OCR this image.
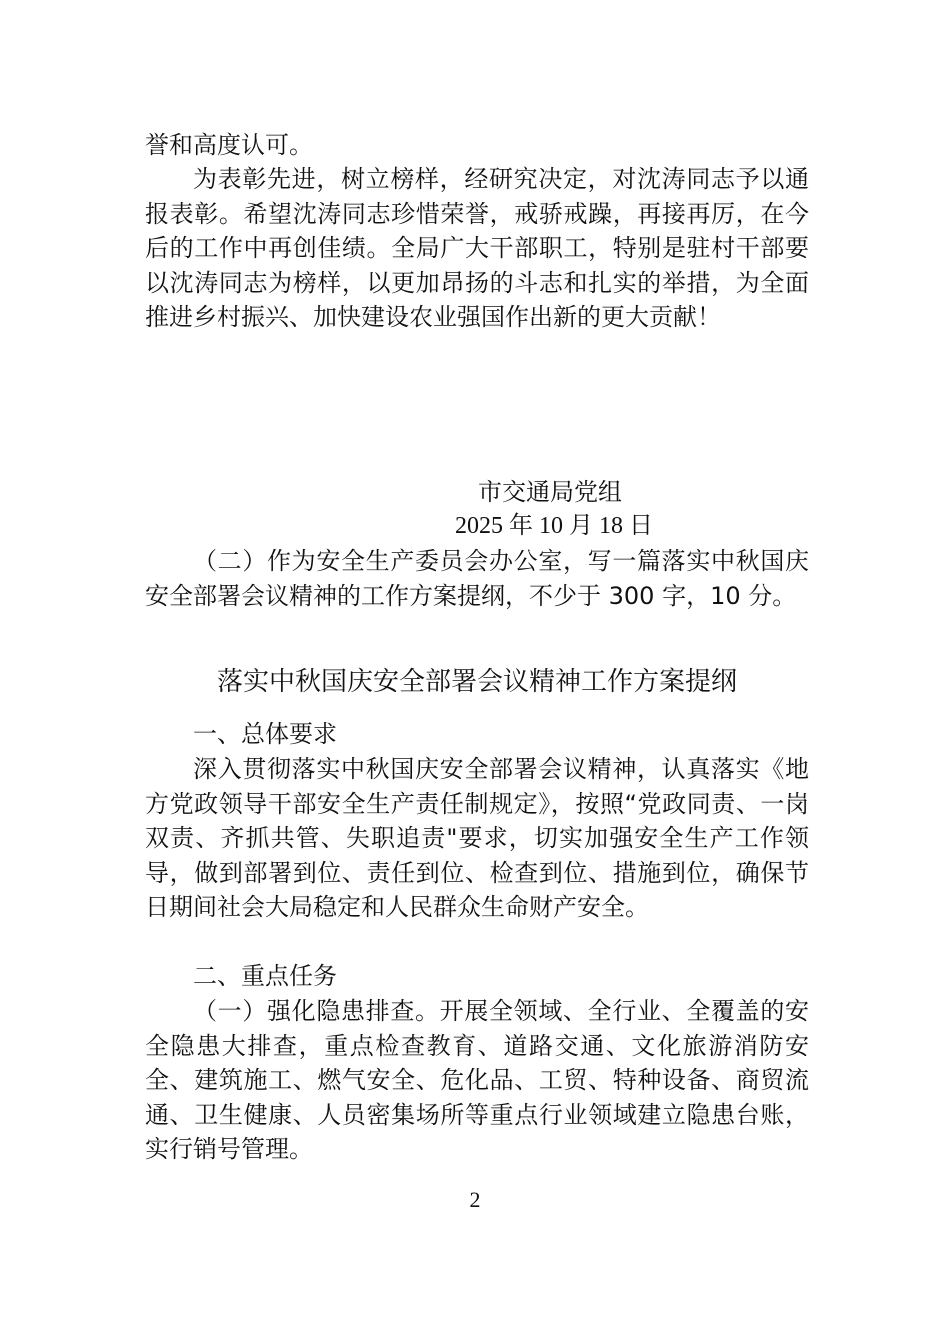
誉和高度认可。

为表彰先进，树立榜样，经研究决定，对沈涛同志予以通报表彰。希望沈涛同志珍惜荣誉，戒骄戒躁，再接再厉，在今后的工作中再创佳绩。全局广大干部职工，特别是驻村干部要以沈涛同志为榜样，以更加昂扬的斗志和扎实的举措，为全面推进乡村振兴、加快建设农业强国作出新的更大贡献！

市交通局党组

2025 年 10 月 18 日

（二）作为安全生产委员会办公室，写一篇落实中秋国庆安全部署会议精神的工作方案提纲，不少于 300 字，10 分。

落实中秋国庆安全部署会议精神工作方案提纲

一、总体要求

深入贯彻落实中秋国庆安全部署会议精神，认真落实《地方党政领导干部安全生产责任制规定》，按照“党政同责、一岗双责、齐抓共管、失职追责"要求，切实加强安全生产工作领导，做到部署到位、责任到位、检查到位、措施到位，确保节日期间社会大局稳定和人民群众生命财产安全。

二、重点任务

（一）强化隐患排查。开展全领域、全行业、全覆盖的安全隐患大排查，重点检查教育、道路交通、文化旅游消防安全、建筑施工、燃气安全、危化品、工贸、特种设备、商贸流通、卫生健康、人员密集场所等重点行业领域建立隐患台账，实行销号管理。

2
